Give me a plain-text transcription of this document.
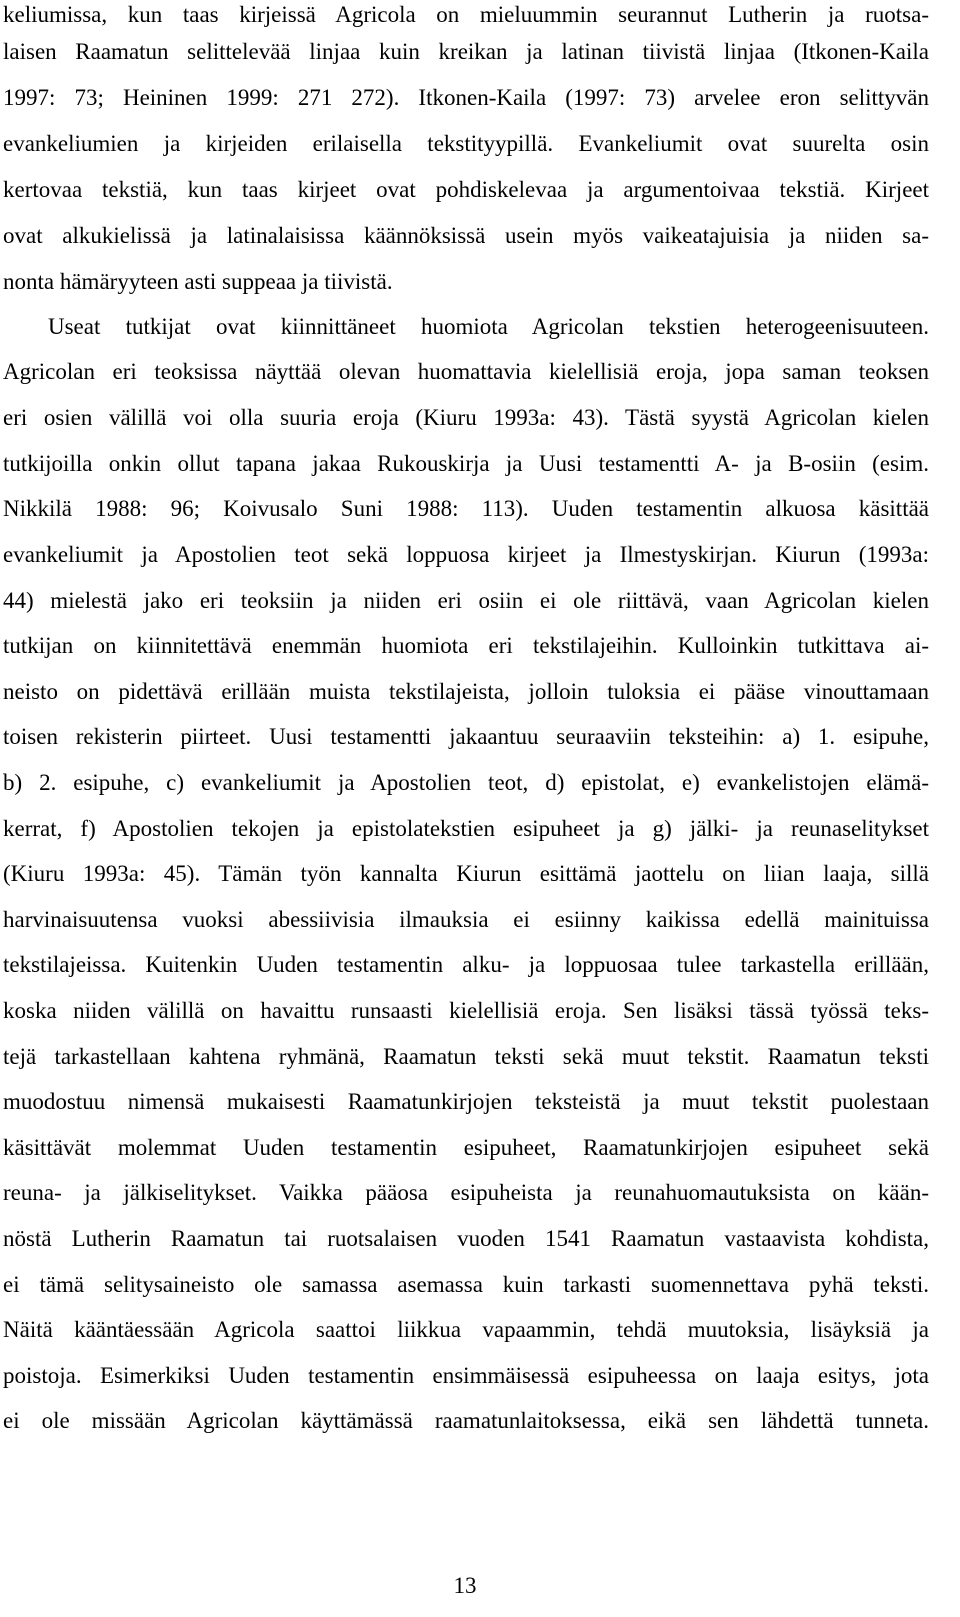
keliumissa, kun taas kirjeissä Agricola on mieluummin seurannut Lutherin ja ruotsa-
laisen Raamatun selittelevää linjaa kuin kreikan ja latinan tiivistä linjaa (Itkonen-Kaila
1997: 73; Heininen 1999: 271 272). Itkonen-Kaila (1997: 73) arvelee eron selittyvän
evankeliumien ja kirjeiden erilaisella tekstityypillä. Evankeliumit ovat suurelta osin
kertovaa tekstiä, kun taas kirjeet ovat pohdiskelevaa ja argumentoivaa tekstiä. Kirjeet
ovat alkukielissä ja latinalaisissa käännöksissä usein myös vaikeatajuisia ja niiden sa-
nonta hämäryyteen asti suppeaa ja tiivistä.
Useat tutkijat ovat kiinnittäneet huomiota Agricolan tekstien heterogeenisuuteen.
Agricolan eri teoksissa näyttää olevan huomattavia kielellisiä eroja, jopa saman teoksen
eri osien välillä voi olla suuria eroja (Kiuru 1993a: 43). Tästä syystä Agricolan kielen
tutkijoilla onkin ollut tapana jakaa Rukouskirja ja Uusi testamentti A- ja B-osiin (esim.
Nikkilä 1988: 96; Koivusalo Suni 1988: 113). Uuden testamentin alkuosa käsittää
evankeliumit ja Apostolien teot sekä loppuosa kirjeet ja Ilmestyskirjan. Kiurun (1993a:
44) mielestä jako eri teoksiin ja niiden eri osiin ei ole riittävä, vaan Agricolan kielen
tutkijan on kiinnitettävä enemmän huomiota eri tekstilajeihin. Kulloinkin tutkittava ai-
neisto on pidettävä erillään muista tekstilajeista, jolloin tuloksia ei pääse vinouttamaan
toisen rekisterin piirteet. Uusi testamentti jakaantuu seuraaviin teksteihin: a) 1. esipuhe,
b) 2. esipuhe, c) evankeliumit ja Apostolien teot, d) epistolat, e) evankelistojen elämä-
kerrat, f) Apostolien tekojen ja epistolatekstien esipuheet ja g) jälki- ja reunaselitykset
(Kiuru 1993a: 45). Tämän työn kannalta Kiurun esittämä jaottelu on liian laaja, sillä
harvinaisuutensa vuoksi abessiivisia ilmauksia ei esiinny kaikissa edellä mainituissa
tekstilajeissa. Kuitenkin Uuden testamentin alku- ja loppuosaa tulee tarkastella erillään,
koska niiden välillä on havaittu runsaasti kielellisiä eroja. Sen lisäksi tässä työssä teks-
tejä tarkastellaan kahtena ryhmänä, Raamatun teksti sekä muut tekstit. Raamatun teksti
muodostuu nimensä mukaisesti Raamatunkirjojen teksteistä ja muut tekstit puolestaan
käsittävät molemmat Uuden testamentin esipuheet, Raamatunkirjojen esipuheet sekä
reuna- ja jälkiselitykset. Vaikka pääosa esipuheista ja reunahuomautuksista on kään-
nöstä Lutherin Raamatun tai ruotsalaisen vuoden 1541 Raamatun vastaavista kohdista,
ei tämä selitysaineisto ole samassa asemassa kuin tarkasti suomennettava pyhä teksti.
Näitä kääntäessään Agricola saattoi liikkua vapaammin, tehdä muutoksia, lisäyksiä ja
poistoja. Esimerkiksi Uuden testamentin ensimmäisessä esipuheessa on laaja esitys, jota
ei ole missään Agricolan käyttämässä raamatunlaitoksessa, eikä sen lähdettä tunneta.
13
